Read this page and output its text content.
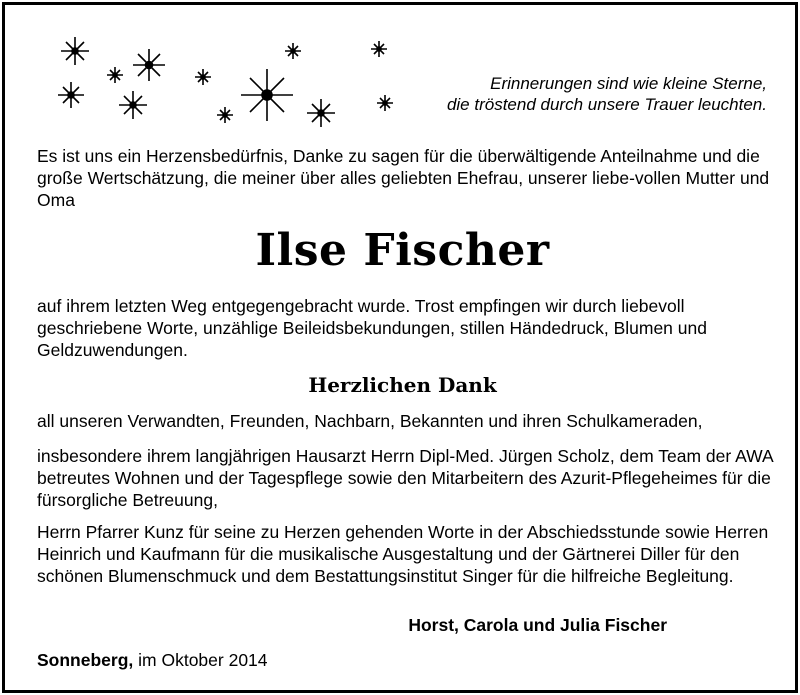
Erinnerungen sind wie kleine Sterne,
die tröstend durch unsere Trauer leuchten.
Es ist uns ein Herzensbedürfnis, Danke zu sagen für die überwältigende Anteilnahme und die große Wertschätzung, die meiner über alles geliebten Ehefrau, unserer liebe-vollen Mutter und Oma
Ilse Fischer
auf ihrem letzten Weg entgegengebracht wurde. Trost empfingen wir durch liebevoll geschriebene Worte, unzählige Beileidsbekundungen, stillen Händedruck, Blumen und Geldzuwendungen.
Herzlichen Dank
all unseren Verwandten, Freunden, Nachbarn, Bekannten und ihren Schulkameraden,
insbesondere ihrem langjährigen Hausarzt Herrn Dipl-Med. Jürgen Scholz, dem Team der AWA betreutes Wohnen und der Tagespflege sowie den Mitarbeitern des Azurit-Pflegeheimes für die fürsorgliche Betreuung,
Herrn Pfarrer Kunz für seine zu Herzen gehenden Worte in der Abschiedsstunde sowie Herren Heinrich und Kaufmann für die musikalische Ausgestaltung und der Gärtnerei Diller für den schönen Blumenschmuck und dem Bestattungsinstitut Singer für die hilfreiche Begleitung.
Horst, Carola und Julia Fischer
Sonneberg, im Oktober 2014
